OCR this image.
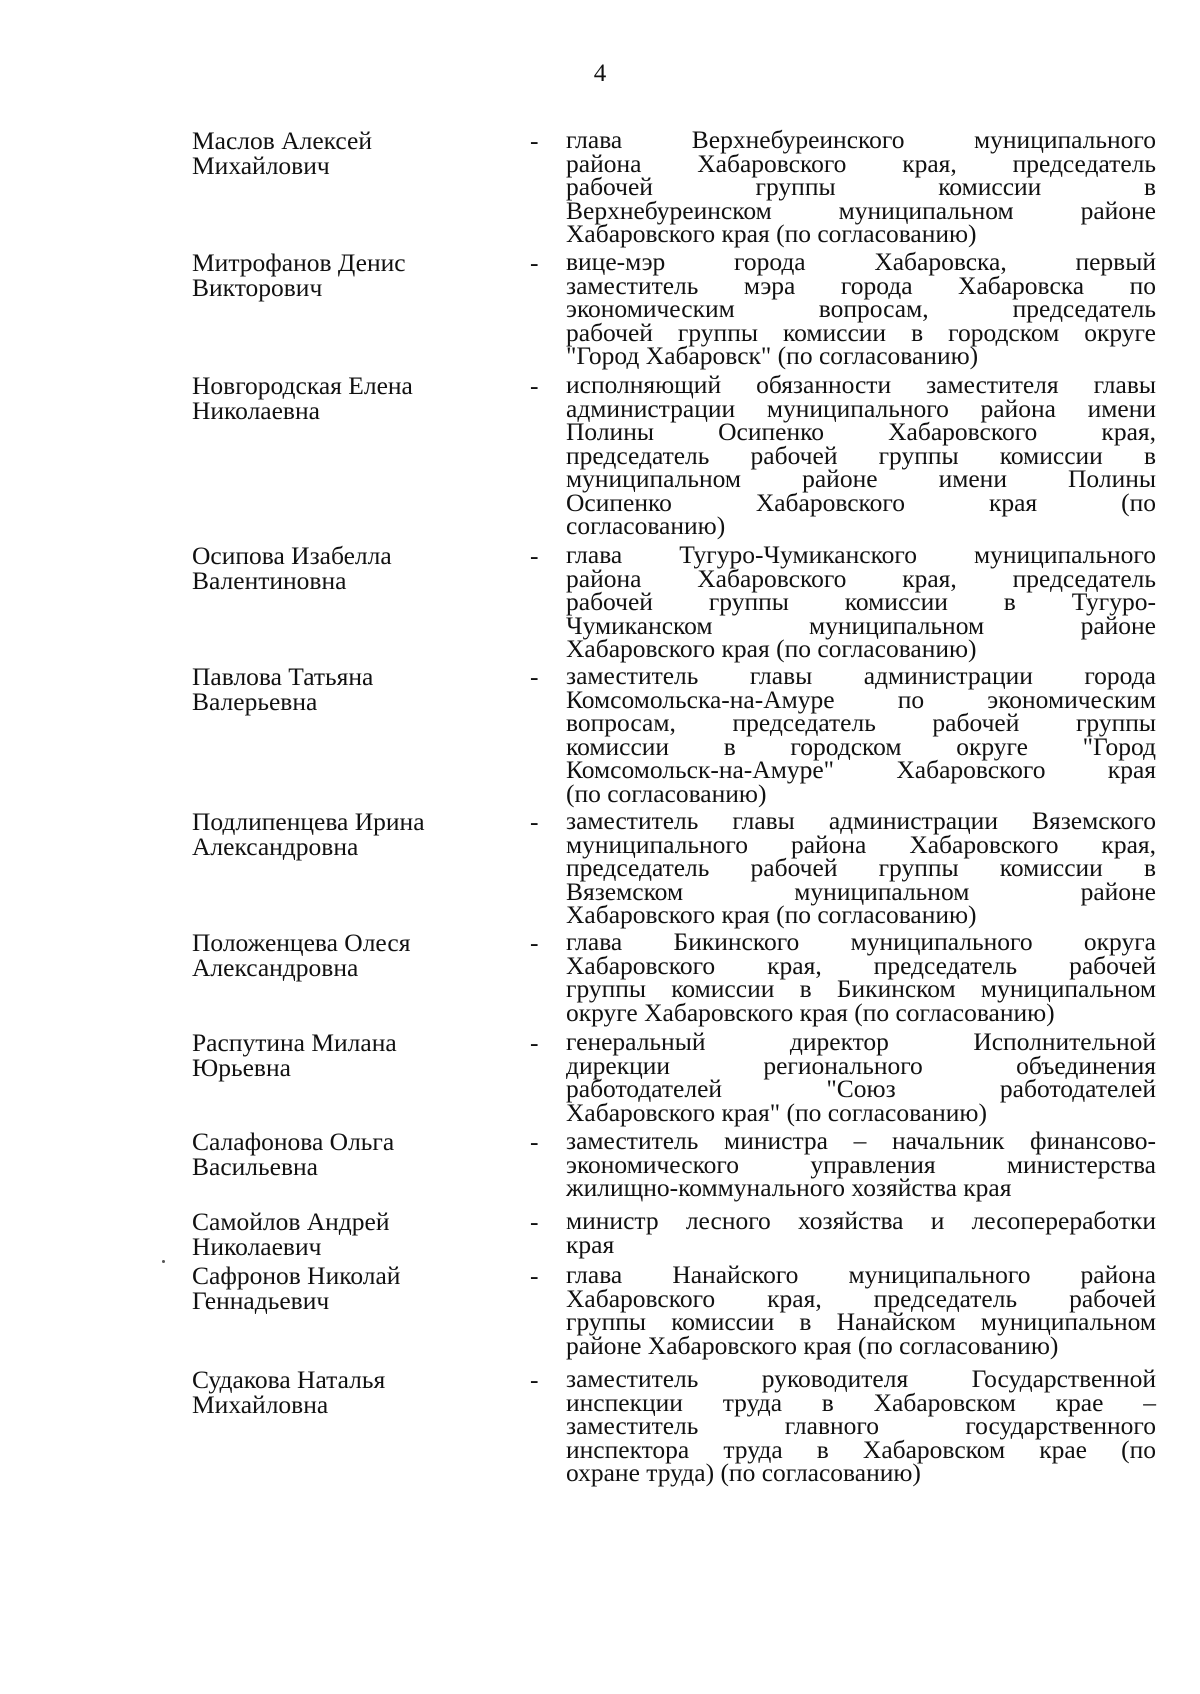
4
Маслов Алексей
Михайлович
- глава Верхнебуреинского муниципального
района Хабаровского края, председатель
рабочей группы комиссии в
Верхнебуреинском муниципальном районе
Хабаровского края (по согласованию)
Митрофанов Денис
Викторович
- вице-мэр города Хабаровска, первый
заместитель мэра города Хабаровска по
экономическим вопросам, председатель
рабочей группы комиссии в городском округе
"Город Хабаровск" (по согласованию)
Новгородская Елена
Николаевна
- исполняющий обязанности заместителя главы
администрации муниципального района имени
Полины Осипенко Хабаровского края,
председатель рабочей группы комиссии в
муниципальном районе имени Полины
Осипенко Хабаровского края (по
согласованию)
Осипова Изабелла
Валентиновна
- глава Тугуро-Чумиканского муниципального
района Хабаровского края, председатель
рабочей группы комиссии в Тугуро-
Чумиканском муниципальном районе
Хабаровского края (по согласованию)
Павлова Татьяна
Валерьевна
- заместитель главы администрации города
Комсомольска-на-Амуре по экономическим
вопросам, председатель рабочей группы
комиссии в городском округе "Город
Комсомольск-на-Амуре" Хабаровского края
(по согласованию)
Подлипенцева Ирина
Александровна
- заместитель главы администрации Вяземского
муниципального района Хабаровского края,
председатель рабочей группы комиссии в
Вяземском муниципальном районе
Хабаровского края (по согласованию)
Положенцева Олеся
Александровна
- глава Бикинского муниципального округа
Хабаровского края, председатель рабочей
группы комиссии в Бикинском муниципальном
округе Хабаровского края (по согласованию)
Распутина Милана
Юрьевна
- генеральный директор Исполнительной
дирекции регионального объединения
работодателей "Союз работодателей
Хабаровского края" (по согласованию)
Салафонова Ольга
Васильевна
- заместитель министра – начальник финансово-
экономического управления министерства
жилищно-коммунального хозяйства края
Самойлов Андрей
Николаевич
- министр лесного хозяйства и лесопереработки
края
Сафронов Николай
Геннадьевич
- глава Нанайского муниципального района
Хабаровского края, председатель рабочей
группы комиссии в Нанайском муниципальном
районе Хабаровского края (по согласованию)
Судакова Наталья
Михайловна
- заместитель руководителя Государственной
инспекции труда в Хабаровском крае –
заместитель главного государственного
инспектора труда в Хабаровском крае (по
охране труда) (по согласованию)
